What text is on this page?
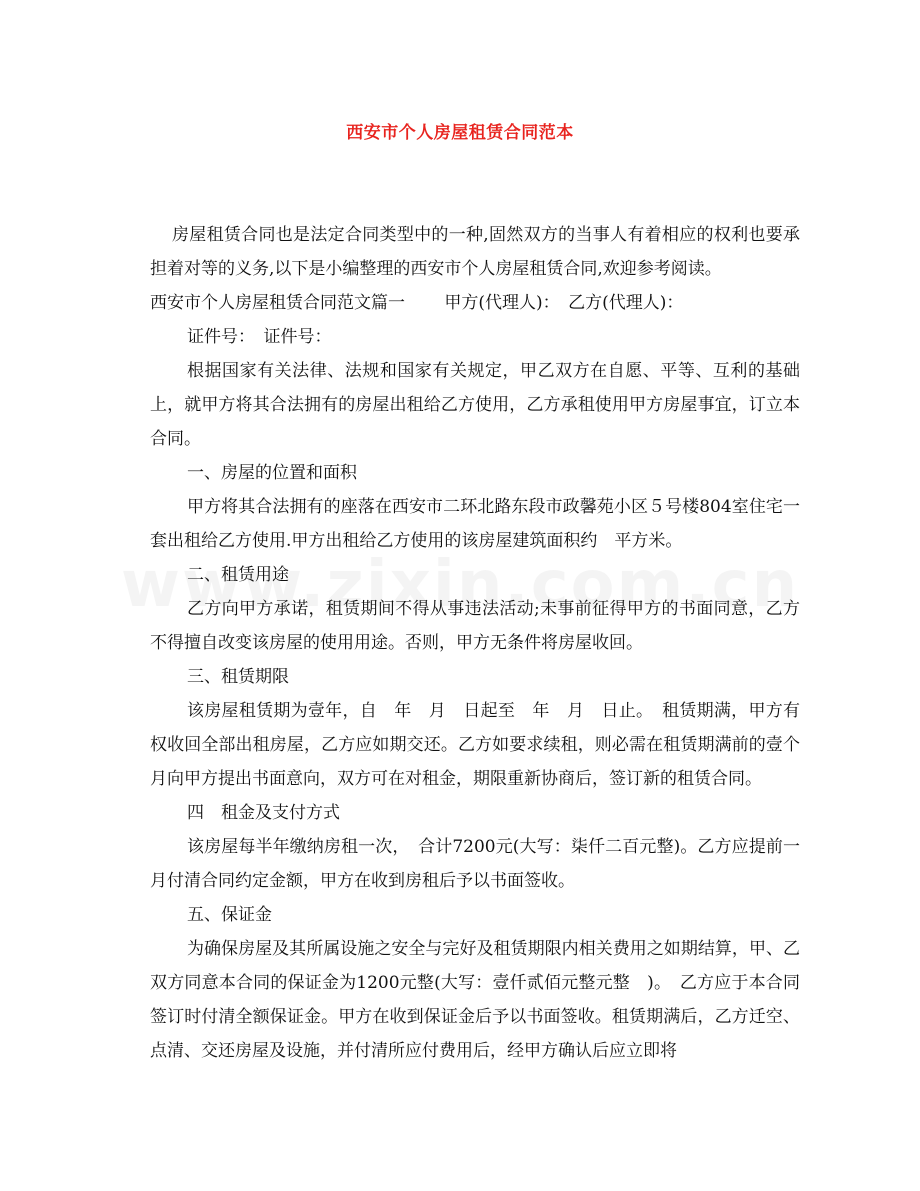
西安市个人房屋租赁合同范本

房屋租赁合同也是法定合同类型中的一种,固然双方的当事人有着相应的权利也要承担着对等的义务,以下是小编整理的西安市个人房屋租赁合同,欢迎参考阅读。

西安市个人房屋租赁合同范文篇一　　 甲方(代理人)：　乙方(代理人)：

证件号：　证件号：

根据国家有关法律、法规和国家有关规定，甲乙双方在自愿、平等、互利的基础上，就甲方将其合法拥有的房屋出租给乙方使用，乙方承租使用甲方房屋事宜，订立本合同。

一、房屋的位置和面积

甲方将其合法拥有的座落在西安市二环北路东段市政馨苑小区５号楼804室住宅一套出租给乙方使用.甲方出租给乙方使用的该房屋建筑面积约　平方米。

二、租赁用途

乙方向甲方承诺，租赁期间不得从事违法活动;未事前征得甲方的书面同意，乙方不得擅自改变该房屋的使用用途。否则，甲方无条件将房屋收回。

三、租赁期限

该房屋租赁期为壹年，自　年　月　日起至　年　月　日止。　租赁期满，甲方有权收回全部出租房屋，乙方应如期交还。乙方如要求续租，则必需在租赁期满前的壹个月向甲方提出书面意向，双方可在对租金，期限重新协商后，签订新的租赁合同。

四　租金及支付方式

该房屋每半年缴纳房租一次，　合计7200元(大写：柒仟二百元整)。乙方应提前一月付清合同约定金额，甲方在收到房租后予以书面签收。

五、保证金

为确保房屋及其所属设施之安全与完好及租赁期限内相关费用之如期结算，甲、乙双方同意本合同的保证金为1200元整(大写：壹仟贰佰元整元整　)。　乙方应于本合同签订时付清全额保证金。甲方在收到保证金后予以书面签收。租赁期满后，乙方迁空、点清、交还房屋及设施，并付清所应付费用后，经甲方确认后应立即将
